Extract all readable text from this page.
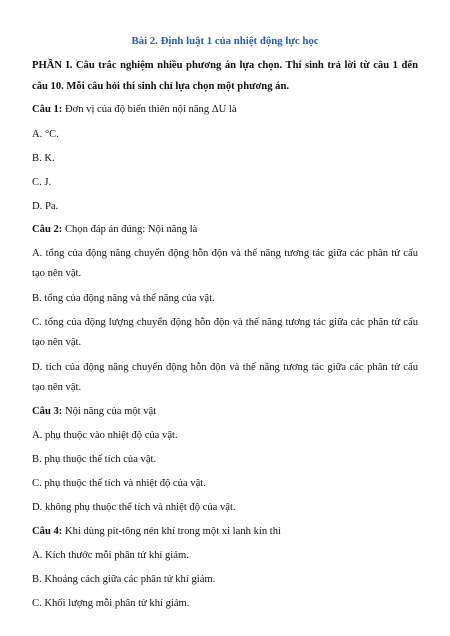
Bài 2. Định luật 1 của nhiệt động lực học
PHẦN I. Câu trắc nghiệm nhiều phương án lựa chọn. Thí sinh trả lời từ câu 1 đến
câu 10. Mỗi câu hỏi thí sinh chỉ lựa chọn một phương án.
Câu 1: Đơn vị của độ biến thiên nội năng ΔU là
A. °C.
B. K.
C. J.
D. Pa.
Câu 2: Chọn đáp án đúng: Nội năng là
A. tổng của động năng chuyển động hỗn độn và thế năng tương tác giữa các phân tử cấu
tạo nên vật.
B. tổng của động năng và thế năng của vật.
C. tổng của động lượng chuyển động hỗn độn và thế năng tương tác giữa các phân tử cấu
tạo nên vật.
D. tích của động năng chuyển động hỗn độn và thế năng tương tác giữa các phân tử cấu
tạo nên vật.
Câu 3: Nội năng của một vật
A. phụ thuộc vào nhiệt độ của vật.
B. phụ thuộc thể tích của vật.
C. phụ thuộc thể tích và nhiệt độ của vật.
D. không phụ thuộc thể tích và nhiệt độ của vật.
Câu 4: Khi dùng pít-tông nén khí trong một xi lanh kín thì
A. Kích thước mỗi phân tử khí giảm.
B. Khoảng cách giữa các phân tử khí giảm.
C. Khối lượng mỗi phân tử khí giảm.
